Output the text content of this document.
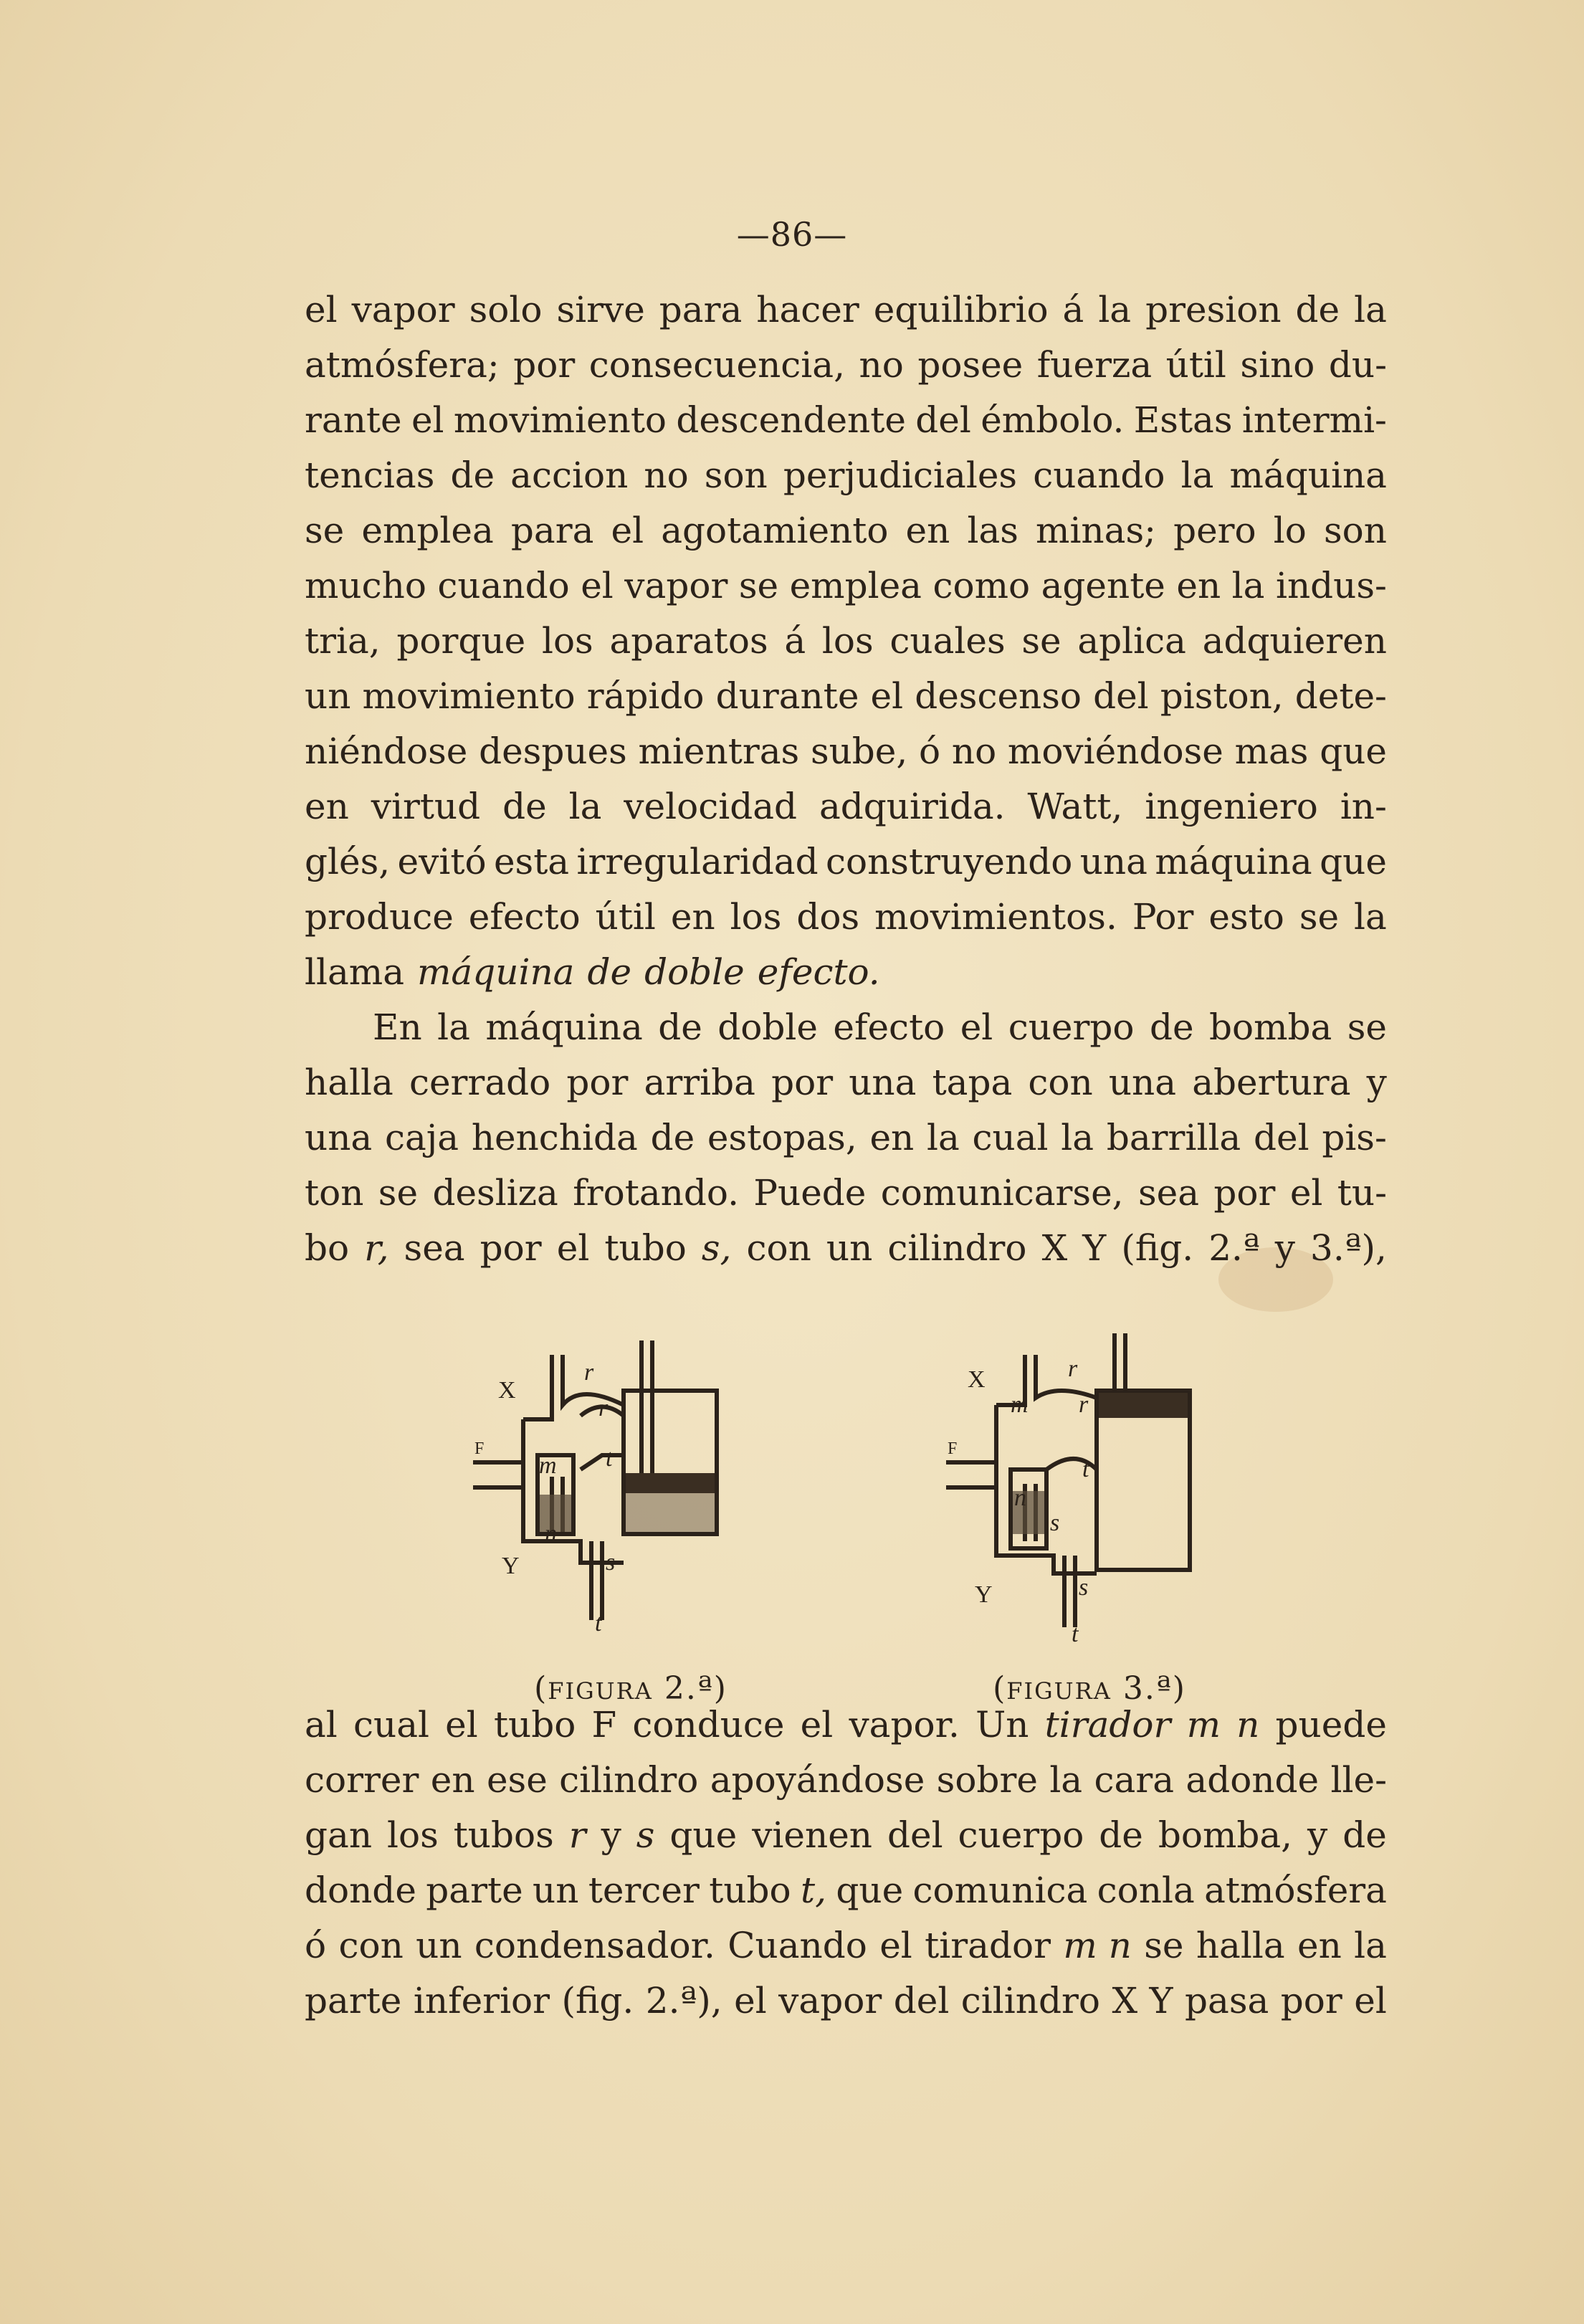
—86—
el vapor solo sirve para hacer equilibrio á la presion de la
atmósfera; por consecuencia, no posee fuerza útil sino du-
rante el movimiento descendente del émbolo. Estas intermi-
tencias de accion no son perjudiciales cuando la máquina
se emplea para el agotamiento en las minas; pero lo son
mucho cuando el vapor se emplea como agente en la indus-
tria, porque los aparatos á los cuales se aplica adquieren
un movimiento rápido durante el descenso del piston, dete-
niéndose despues mientras sube, ó no moviéndose mas que
en virtud de la velocidad adquirida. Watt, ingeniero in-
glés, evitó esta irregularidad construyendo una máquina que
produce efecto útil en los dos movimientos. Por esto se la
llama máquina de doble efecto.
En la máquina de doble efecto el cuerpo de bomba se
halla cerrado por arriba por una tapa con una abertura y
una caja henchida de estopas, en la cual la barrilla del pis-
ton se desliza frotando. Puede comunicarse, sea por el tu-
bo r, sea por el tubo s, con un cilindro X Y (fig. 2.ª y 3.ª),
X
F
r
r
m t
n
Y	s
t
(FIGURA 2.ª)
X
F
r
r
m
t
n
s
Y	s
t
(FIGURA 3.ª)
al cual el tubo F conduce el vapor. Un tirador m n puede
correr en ese cilindro apoyándose sobre la cara adonde lle-
gan los tubos r y s que vienen del cuerpo de bomba, y de
donde parte un tercer tubo t, que comunica conla atmósfera
ó con un condensador. Cuando el tirador m n se halla en la
parte inferior (fig. 2.ª), el vapor del cilindro X Y pasa por el
